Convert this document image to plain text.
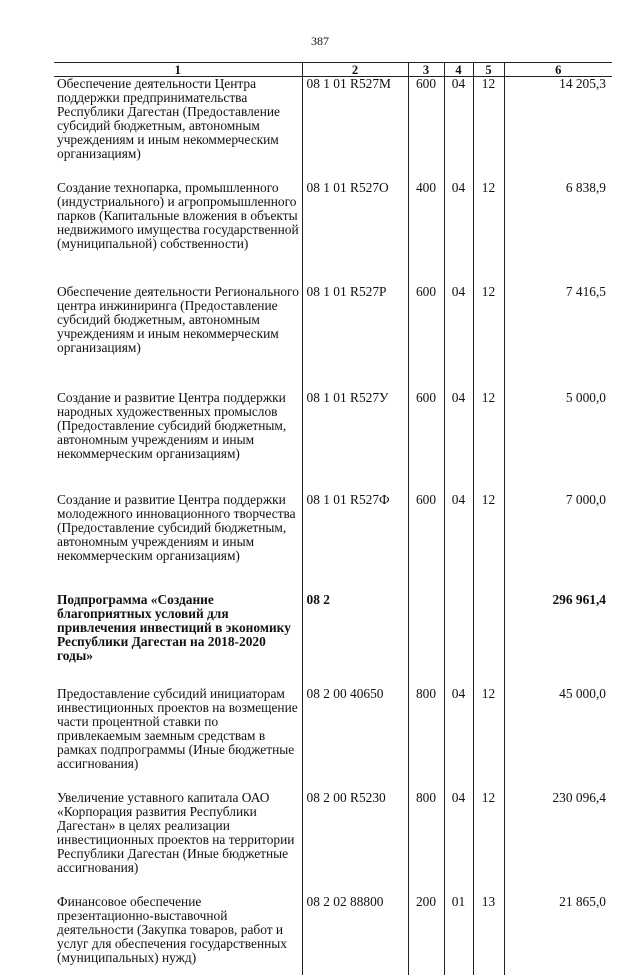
387
1	2	3	4	5	6
Обеспечение деятельности Центра поддержки предпринимательства Республики Дагестан (Предоставление субсидий бюджетным, автономным учреждениям и иным некоммерческим организациям)	08 1 01 R527M	600	04	12	14 205,3
Создание технопарка, промышленного (индустриального) и агропромышленного парков (Капитальные вложения в объекты недвижимого имущества государственной (муниципальной) собственности)	08 1 01 R527O	400	04	12	6 838,9
Обеспечение деятельности Регионального центра инжиниринга (Предоставление субсидий бюджетным, автономным учреждениям и иным некоммерческим организациям)	08 1 01 R527P	600	04	12	7 416,5
Создание и развитие Центра поддержки народных художественных промыслов (Предоставление субсидий бюджетным, автономным учреждениям и иным некоммерческим организациям)	08 1 01 R527У	600	04	12	5 000,0
Создание и развитие Центра поддержки молодежного инновационного творчества (Предоставление субсидий бюджетным, автономным учреждениям и иным некоммерческим организациям)	08 1 01 R527Ф	600	04	12	7 000,0
Подпрограмма «Создание благоприятных условий для привлечения инвестиций в экономику Республики Дагестан на 2018-2020 годы»	08 2				296 961,4
Предоставление субсидий инициаторам инвестиционных проектов на возмещение части процентной ставки по привлекаемым заемным средствам в рамках подпрограммы (Иные бюджетные ассигнования)	08 2 00 40650	800	04	12	45 000,0
Увеличение уставного капитала ОАО «Корпорация развития Республики Дагестан» в целях реализации инвестиционных проектов на территории Республики Дагестан (Иные бюджетные ассигнования)	08 2 00 R5230	800	04	12	230 096,4
Финансовое обеспечение презентационно-выставочной деятельности (Закупка товаров, работ и услуг для обеспечения государственных (муниципальных) нужд)	08 2 02 88800	200	01	13	21 865,0
